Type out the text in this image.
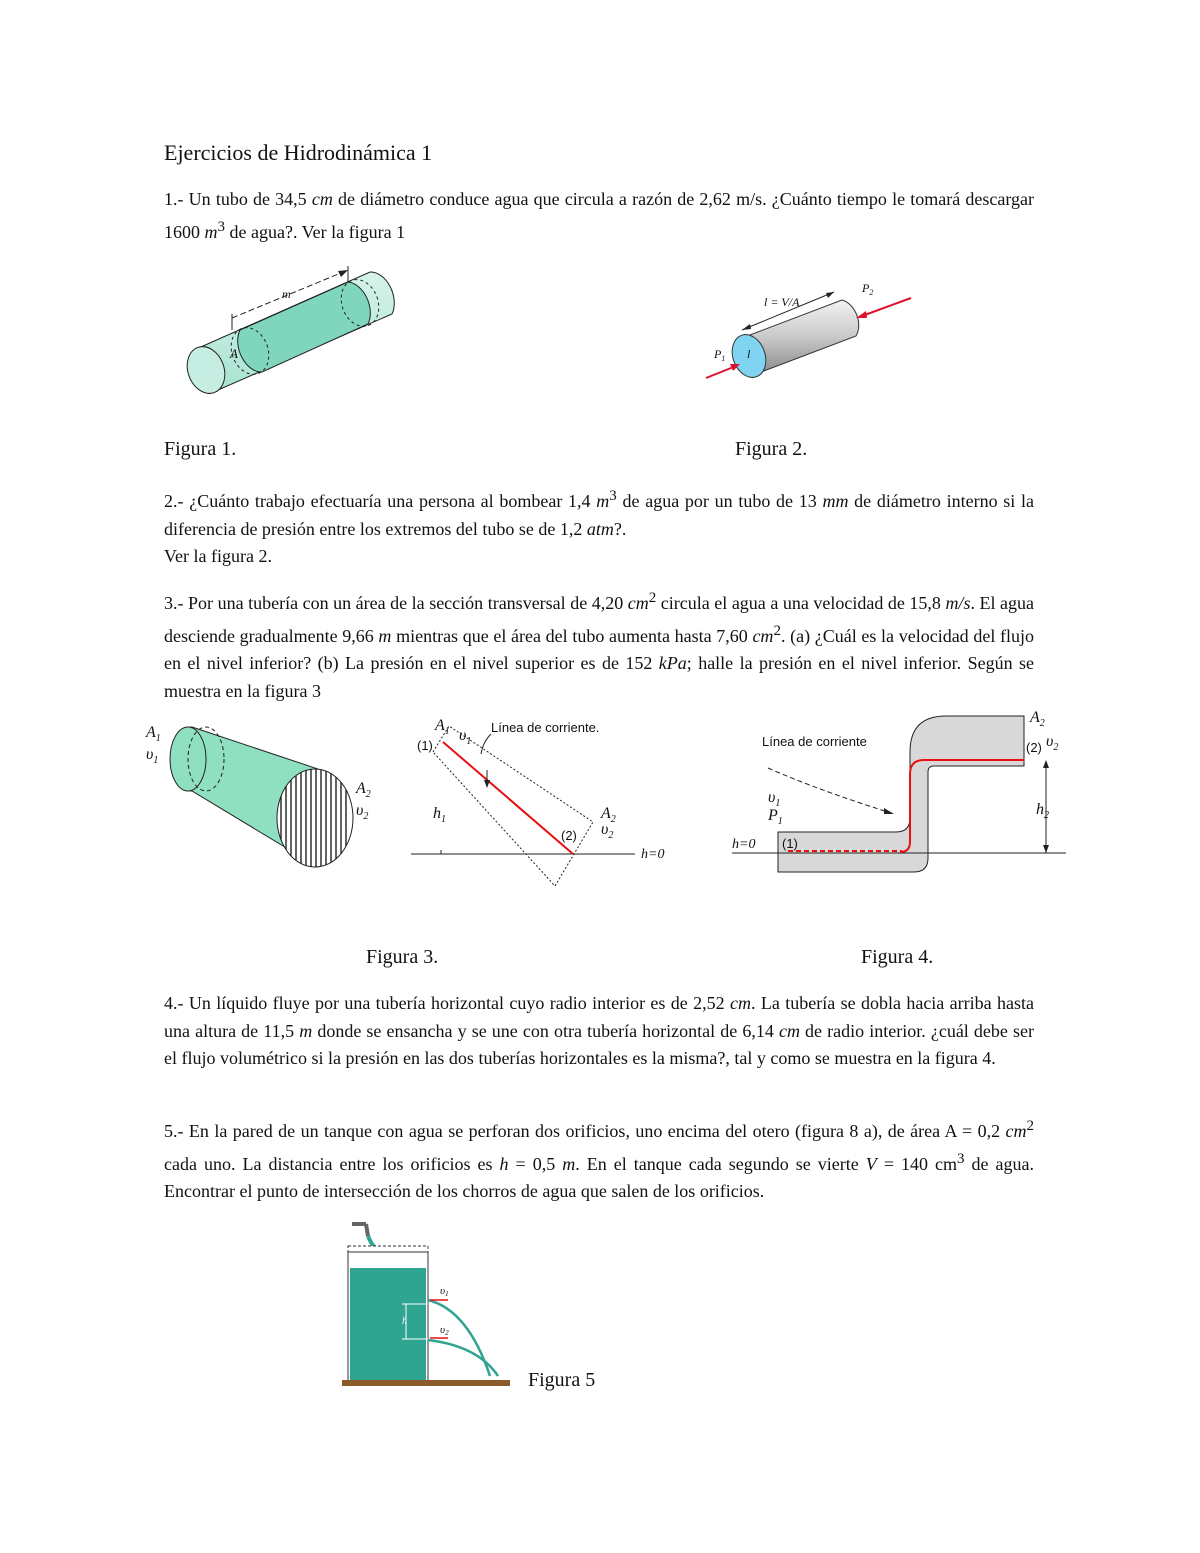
Ejercicios de Hidrodinámica 1
1.- Un tubo de 34,5 cm de diámetro conduce agua que circula a razón de 2,62 m/s. ¿Cuánto tiempo le tomará descargar 1600 $m^3$ de agua?. Ver la figura 1
m
A
l = V/A
$P_1$
$P_2$
l
Figura 1.	Figura 2.
2.- ¿Cuánto trabajo efectuaría una persona al bombear 1,4 $m^3$ de agua por un tubo de 13 mm de diámetro interno si la diferencia de presión entre los extremos del tubo se de 1,2 atm?.
Ver la figura 2.
3.- Por una tubería con un área de la sección transversal de 4,20 $cm^2$ circula el agua a una velocidad de 15,8 m/s. El agua desciende gradualmente 9,66 m mientras que el área del tubo aumenta hasta 7,60 $cm^2$. (a) ¿Cuál es la velocidad del flujo en el nivel inferior? (b) La presión en el nivel superior es de 152 kPa; halle la presión en el nivel inferior. Según se muestra en la figura 3
$A_1$
$\upsilon_1$
$A_2$
$\upsilon_2$
$A_1$ $\upsilon_1$
Línea de corriente.
(1)
$h_1$
(2)
$A_2$
$\upsilon_2$
h=0
Línea de corriente
$\upsilon_1$
$P_1$
h=0 (1)
$A_2$
$\upsilon_2$
(2)
$h_2$
Figura 3.	Figura 4.
4.- Un líquido fluye por una tubería horizontal cuyo radio interior es de 2,52 cm. La tubería se dobla hacia arriba hasta una altura de 11,5 m donde se ensancha y se une con otra tubería horizontal de 6,14 cm de radio interior. ¿cuál debe ser el flujo volumétrico si la presión en las dos tuberías horizontales es la misma?, tal y como se muestra en la figura 4.
5.- En la pared de un tanque con agua se perforan dos orificios, uno encima del otero (figura 8 a), de área A = 0,2 $cm^2$ cada uno. La distancia entre los orificios es h = 0,5 m. En el tanque cada segundo se vierte V = 140 $cm^3$ de agua. Encontrar el punto de intersección de los chorros de agua que salen de los orificios.
h
υ1
υ2
Figura 5
